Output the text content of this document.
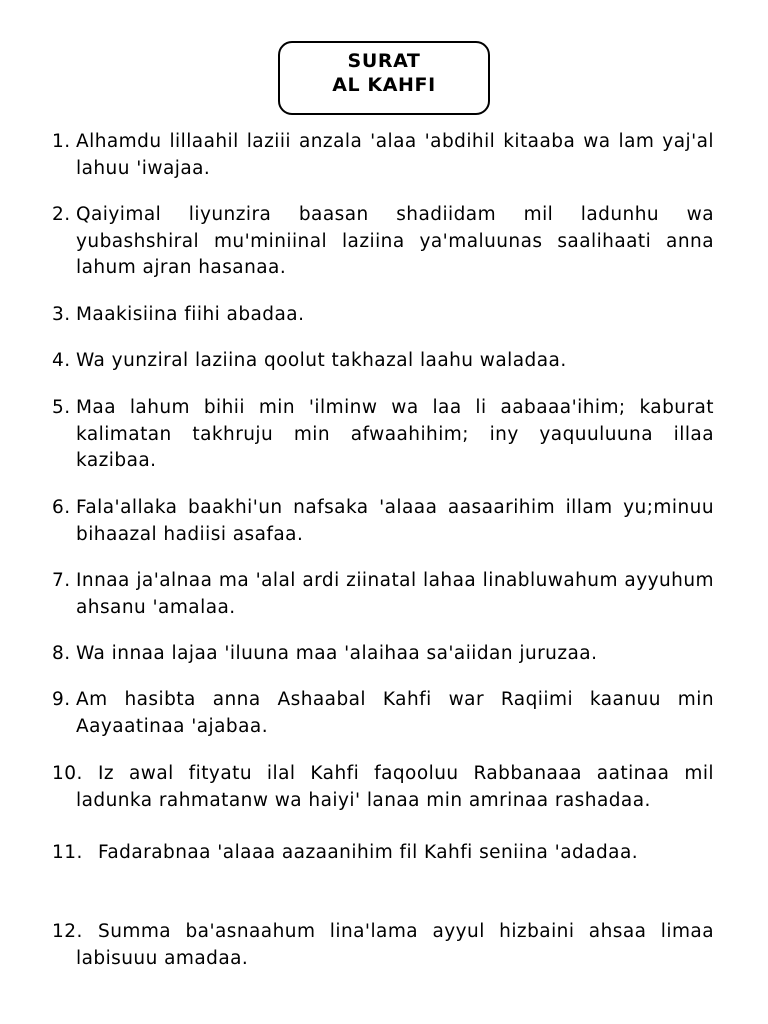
SURAT
AL KAHFI
1. Alhamdu lillaahil laziii anzala 'alaa 'abdihil kitaaba wa lam yaj'al lahuu 'iwajaa.
2. Qaiyimal liyunzira baasan shadiidam mil ladunhu wa yubashshiral mu'miniinal laziina ya'maluunas saalihaati anna lahum ajran hasanaa.
3. Maakisiina fiihi abadaa.
4. Wa yunziral laziina qoolut takhazal laahu waladaa.
5. Maa lahum bihii min 'ilminw wa laa li aabaaa'ihim; kaburat kalimatan takhruju min afwaahihim; iny yaquuluuna illaa kazibaa.
6. Fala'allaka baakhi'un nafsaka 'alaaa aasaarihim illam yu;minuu bihaazal hadiisi asafaa.
7. Innaa ja'alnaa ma 'alal ardi ziinatal lahaa linabluwahum ayyuhum ahsanu 'amalaa.
8. Wa innaa lajaa 'iluuna maa 'alaihaa sa'aiidan juruzaa.
9. Am hasibta anna Ashaabal Kahfi war Raqiimi kaanuu min Aayaatinaa 'ajabaa.
10. Iz awal fityatu ilal Kahfi faqooluu Rabbanaaa aatinaa mil ladunka rahmatanw wa haiyi' lanaa min amrinaa rashadaa.
11. Fadarabnaa 'alaaa aazaanihim fil Kahfi seniina 'adadaa.
12. Summa ba'asnaahum lina'lama ayyul hizbaini ahsaa limaa labisuuu amadaa.
